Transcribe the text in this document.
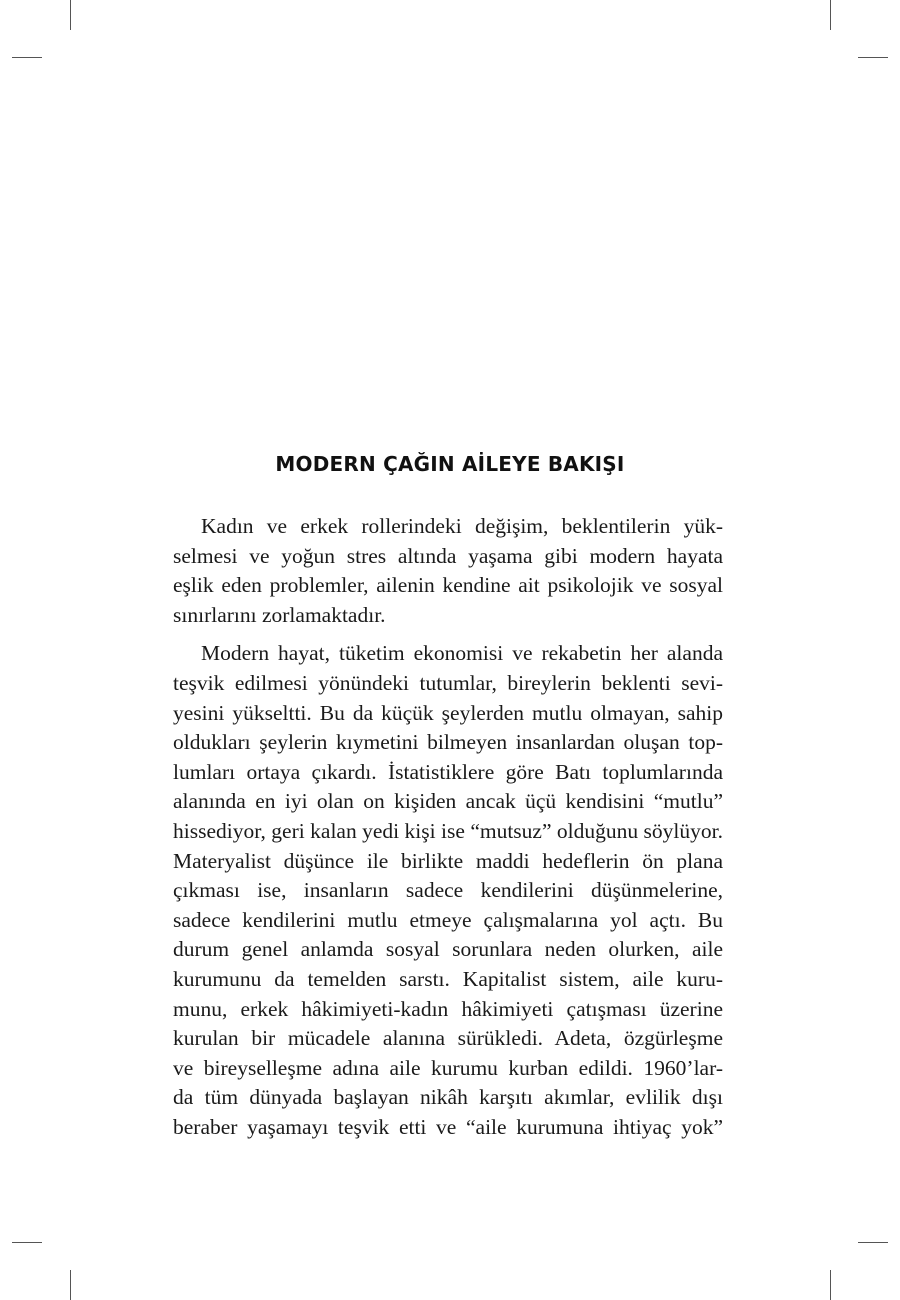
MODERN ÇAĞIN AİLEYE BAKIŞI

Kadın ve erkek rollerindeki değişim, beklentilerin yük-
selmesi ve yoğun stres altında yaşama gibi modern hayata
eşlik eden problemler, ailenin kendine ait psikolojik ve sosyal
sınırlarını zorlamaktadır.

Modern hayat, tüketim ekonomisi ve rekabetin her alanda
teşvik edilmesi yönündeki tutumlar, bireylerin beklenti sevi-
yesini yükseltti. Bu da küçük şeylerden mutlu olmayan, sahip
oldukları şeylerin kıymetini bilmeyen insanlardan oluşan top-
lumları ortaya çıkardı. İstatistiklere göre Batı toplumlarında
alanında en iyi olan on kişiden ancak üçü kendisini “mutlu”
hissediyor, geri kalan yedi kişi ise “mutsuz” olduğunu söylüyor.
Materyalist düşünce ile birlikte maddi hedeflerin ön plana
çıkması ise, insanların sadece kendilerini düşünmelerine,
sadece kendilerini mutlu etmeye çalışmalarına yol açtı. Bu
durum genel anlamda sosyal sorunlara neden olurken, aile
kurumunu da temelden sarstı. Kapitalist sistem, aile kuru-
munu, erkek hâkimiyeti-kadın hâkimiyeti çatışması üzerine
kurulan bir mücadele alanına sürükledi. Adeta, özgürleşme
ve bireyselleşme adına aile kurumu kurban edildi. 1960’lar-
da tüm dünyada başlayan nikâh karşıtı akımlar, evlilik dışı
beraber yaşamayı teşvik etti ve “aile kurumuna ihtiyaç yok”
